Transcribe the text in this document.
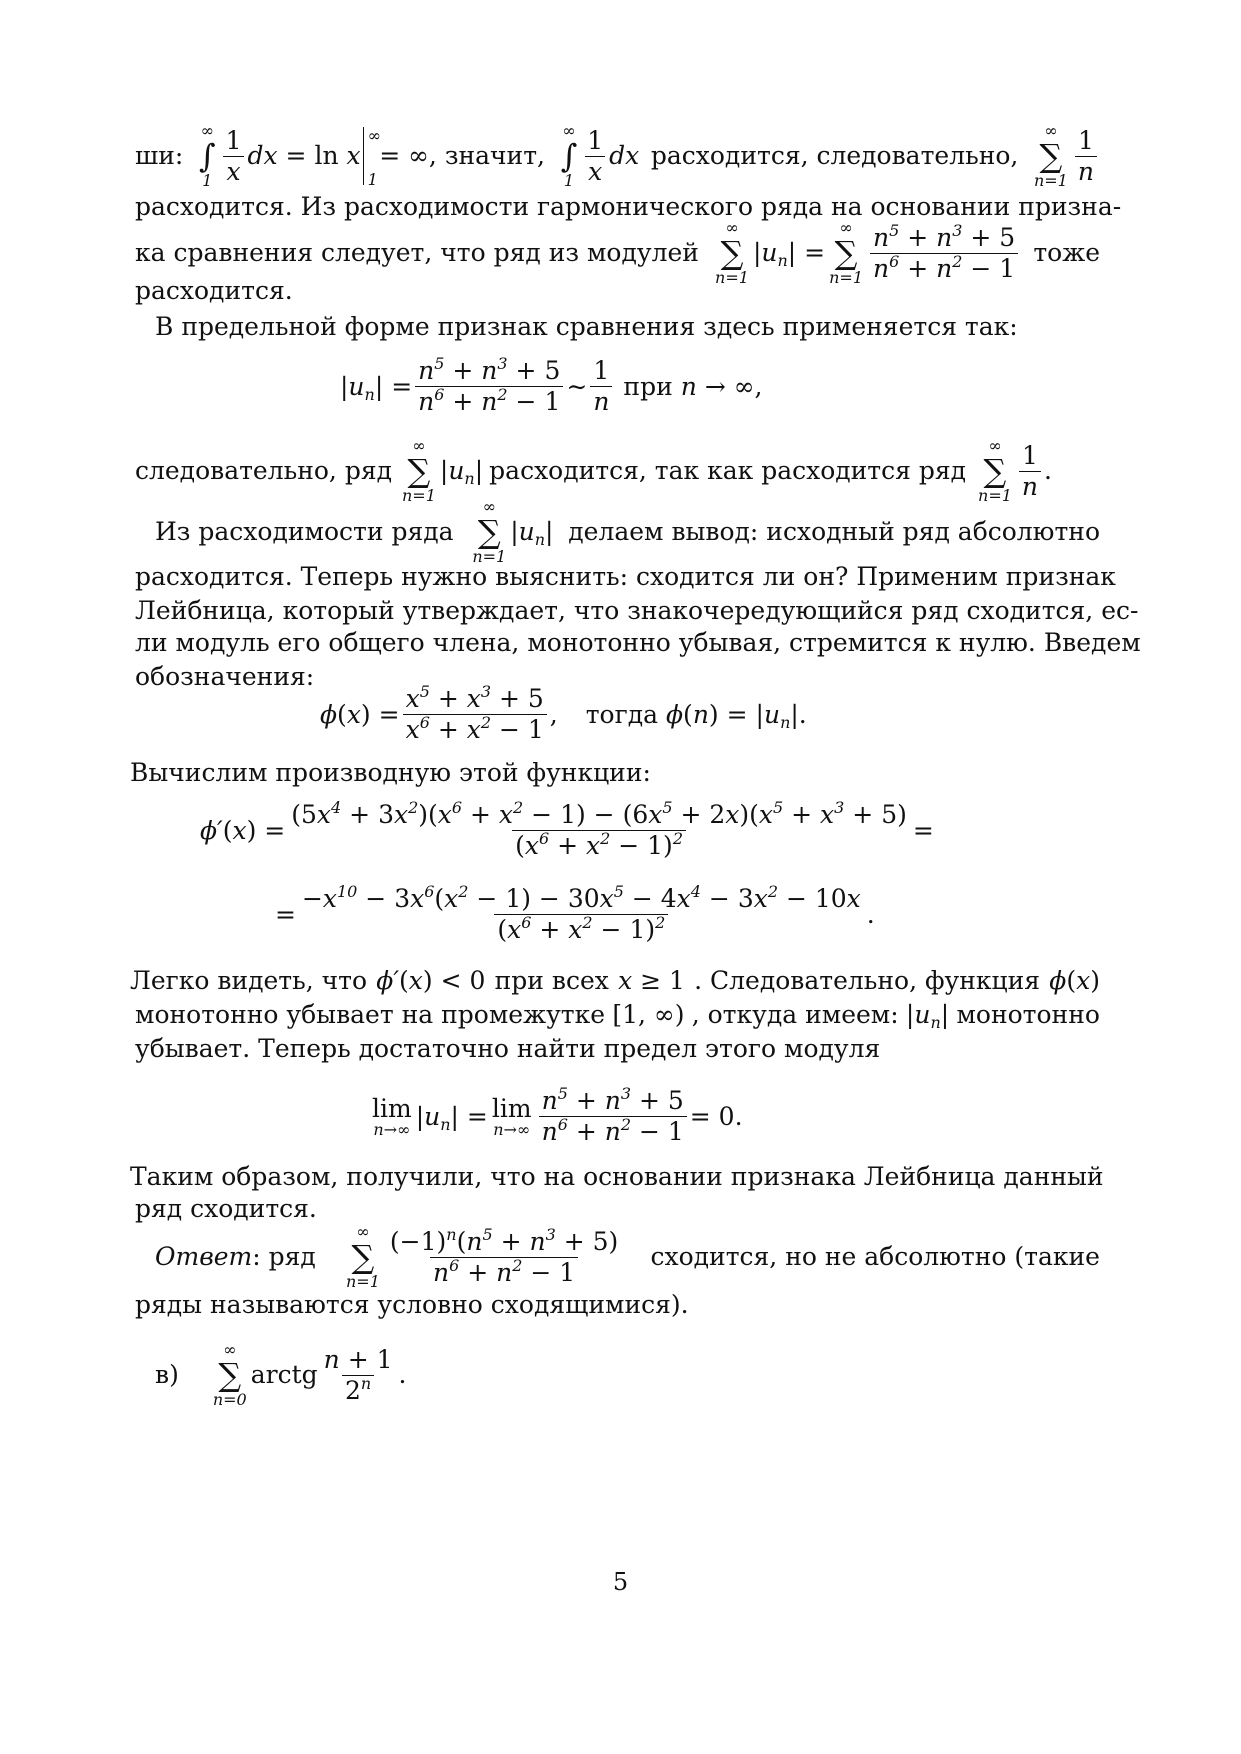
ши:
∞
∫
$1 \frac{1}{x}$ dx = ln x
∞
1
= ∞, значит,
∞
∫
$1 \frac{1}{x}$ dx расходится, следовательно,
∞
∑
$n=1 \frac{1}{n}$
расходится. Из расходимости гармонического ряда на основании призна-
ка сравнения следует, что ряд из модулей
∞
∑
n=1
$|u_n|$ =
∞
∑
$n=1 \frac{n^5 + n^3 + 5}{n^6 + n^2 - 1}$ тоже
расходится.
В предельной форме признак сравнения здесь применяется так:
$|u_n| = \frac{n^5 + n^3 + 5}{n^6 + n^2 - 1}$ ∼ $\frac{1}{n}$ при n → ∞,
следовательно, ряд
∞
∑
n=1
$|u_n|$ расходится, так как расходится ряд
∞
∑
$n=1 \frac{1}{n}$ .
Из расходимости ряда
∞
∑
n=1
$|u_n|$ делаем вывод: исходный ряд абсолютно
расходится. Теперь нужно выяснить: сходится ли он? Применим признак
Лейбница, который утверждает, что знакочередующийся ряд сходится, ес-
ли модуль его общего члена, монотонно убывая, стремится к нулю. Введем
обозначения:
$\phi(x) = \frac{x^5 + x^3 + 5}{x^6 + x^2 - 1}$ , тогда $\phi(n) = |u_n|$.
Вычислим производную этой функции:
$\phi'(x) = \frac{(5x^4 + 3x^2)(x^6 + x^2 - 1) - (6x^5 + 2x)(x^5 + x^3 + 5)}{(x^6 + x^2 - 1)^2}$ =
= $\frac{-x^{10} - 3x^6(x^2 - 1) - 30x^5 - 4x^4 - 3x^2 - 10x}{(x^6 + x^2 - 1)^2}$ .
Легко видеть, что ϕ′(x) < 0 при всех x ≥ 1 . Следовательно, функция ϕ(x)
монотонно убывает на промежутке [1, ∞) , откуда имеем: $|u_n|$ монотонно
убывает. Теперь достаточно найти предел этого модуля
lim
n→∞ $|u_n| = \lim$
$n\to\infty \frac{n^5 + n^3 + 5}{n^6 + n^2 - 1} = 0$.
Таким образом, получили, что на основании признака Лейбница данный
ряд сходится.
Ответ: ряд
∞
∑
$n=1 \frac{(-1)^n(n^5 + n^3 + 5)}{n^6 + n^2 - 1}$ сходится, но не абсолютно (такие
ряды называются условно сходящимися).
в)
∞
∑
n=0
arctg $\frac{n + 1}{2^n}$ .
5
